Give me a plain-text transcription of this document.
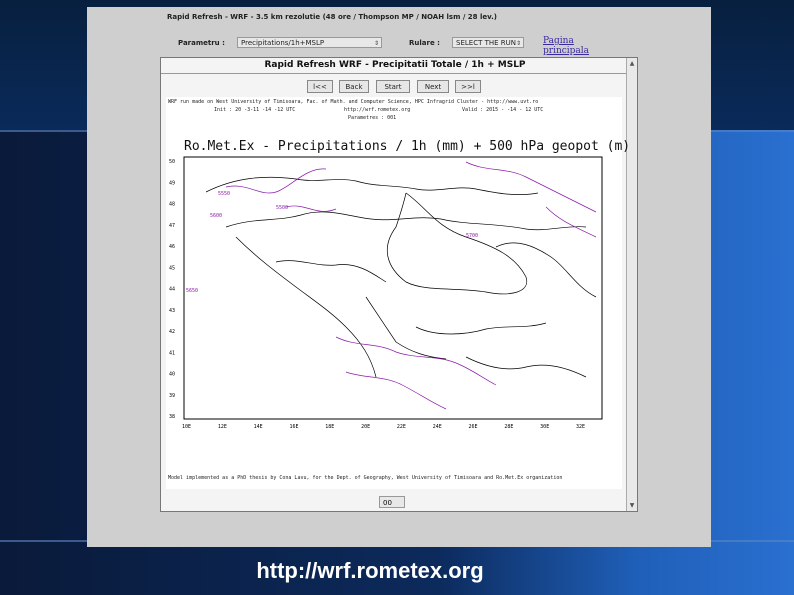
Rapid Refresh - WRF - 3.5 km rezolutie (48 ore / Thompson MP / NOAH lsm / 28 lev.)
Parametru :	Precipitations/1h+MSLP	⇕	Rulare :	SELECT THE RUN ⇕ Pagina principala
Rapid Refresh WRF - Precipitatii Totale / 1h + MSLP
l<<	Back	Start	Next	>>l
▲
▼
WRF run made on West University of Timisoara, Fac. of Math. and Computer Science, HPC Infragrid Cluster - http://www.uvt.ro
Init : 20 -3-11 -14 -12 UTC	http://wrf.rometex.org	Valid : 2015 - -14 - 12 UTC
Parametres : 001
Ro.Met.Ex - Precipitations / 1h (mm) + 500 hPa geopot (m)
50
49
48
47
46
45
44
43
42
41
40
39
38
10E	12E	14E	16E	18E	20E	22E	24E	26E	28E	30E	32E
5550
5600
5650
5500
5700
Model implemented as a PhD thesis by Cona Lavu, for the Dept. of Geography, West University of Timisoara and Ro.Met.Ex organization
00
http://wrf.rometex.org
